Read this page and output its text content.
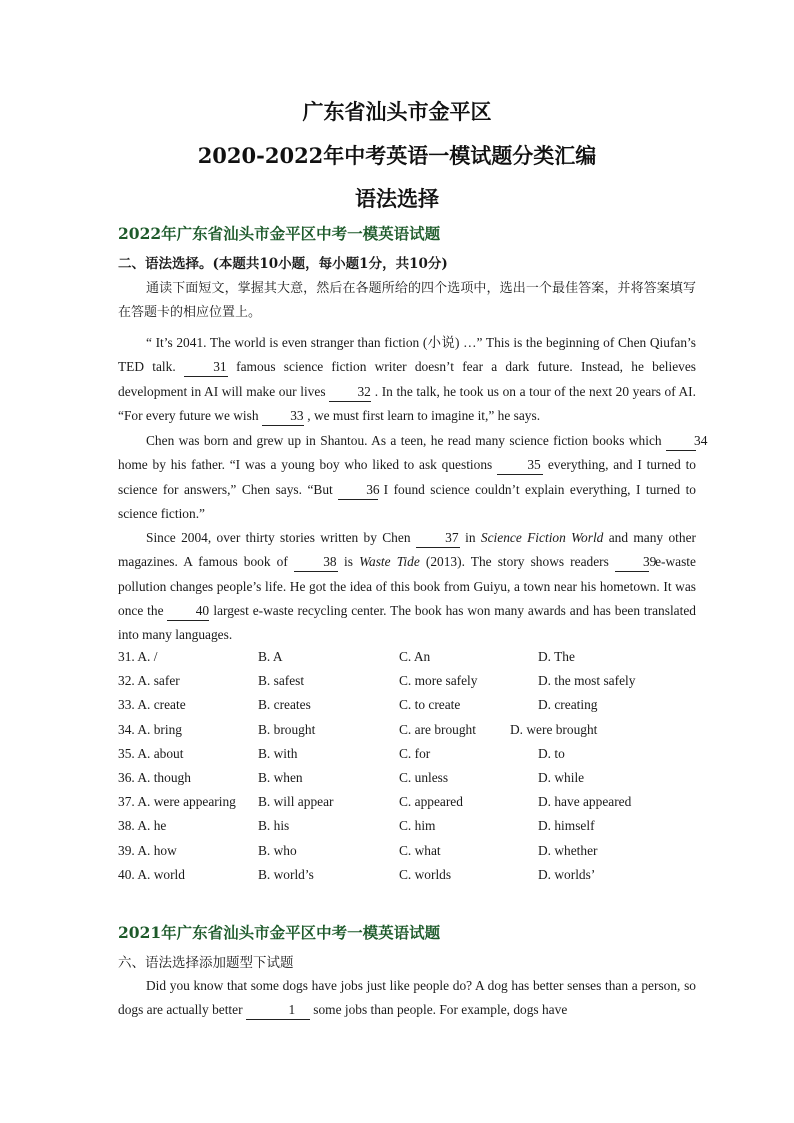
广东省汕头市金平区
2020-2022年中考英语一模试题分类汇编
语法选择
2022年广东省汕头市金平区中考一模英语试题
二、语法选择。(本题共10小题，每小题1分，共10分)
通读下面短文，掌握其大意，然后在各题所给的四个选项中，选出一个最佳答案，并将答案填写在答题卡的相应位置上。
“ It’s 2041. The world is even stranger than fiction (小说) …” This is the beginning of Chen Qiufan’s TED talk. 31 famous science fiction writer doesn’t fear a dark future. Instead, he believes development in AI will make our lives 32 . In the talk, he took us on a tour of the next 20 years of AI. “For every future we wish 33 , we must first learn to imagine it,” he says.
Chen was born and grew up in Shantou. As a teen, he read many science fiction books which 34 home by his father. “I was a young boy who liked to ask questions 35 everything, and I turned to science for answers,” Chen says. “But 36 I found science couldn’t explain everything, I turned to science fiction.”
Since 2004, over thirty stories written by Chen	37 in Science Fiction World and many other magazines. A famous book of	38 is Waste Tide (2013). The story shows readers 39 e-waste pollution changes people’s life. He got the idea of this book from Guiyu, a town near his hometown. It was once the 40 largest e-waste recycling center. The book has won many awards and has been translated into many languages.
31. A. /	B. A	C. An	D. The
32. A. safer	B. safest	C. more safely	D. the most safely
33. A. create	B. creates	C. to create	D. creating
34. A. bring	B. brought	C. are brought	D. were brought
35. A. about	B. with	C. for	D. to
36. A. though	B. when	C. unless	D. while
37. A. were appearing B. will appear	C. appeared	D. have appeared
38. A. he	B. his	C. him	D. himself
39. A. how	B. who	C. what	D. whether
40. A. world	B. world’s	C. worlds	D. worlds’
2021年广东省汕头市金平区中考一模英语试题
六、语法选择添加题型下试题
Did you know that some dogs have jobs just like people do? A dog has better senses than a person, so dogs are actually better	1 some jobs than people. For example, dogs have
